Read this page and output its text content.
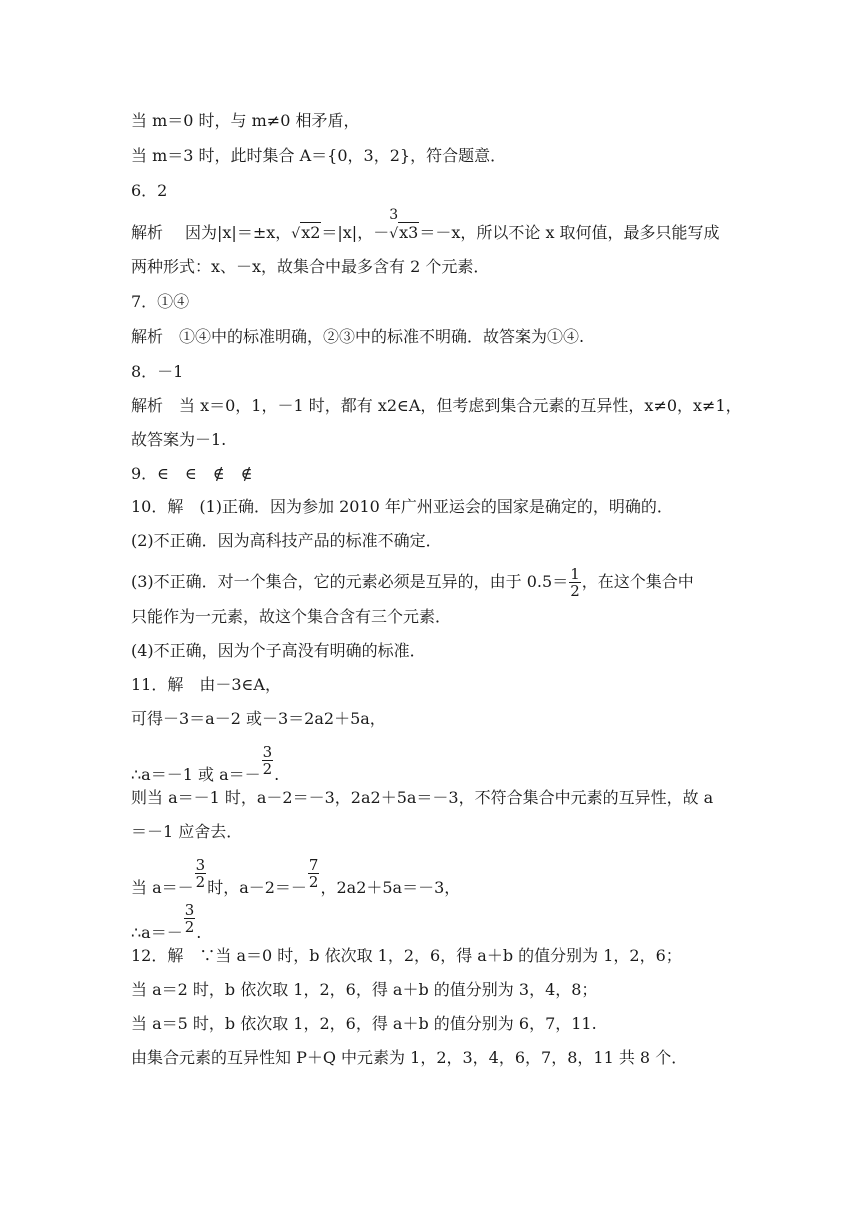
当 m＝0 时，与 m≠0 相矛盾，
当 m＝3 时，此时集合 A＝{0，3，2}，符合题意．
6．2
解析 因为|x|＝±x，√x2＝|x|，－
3
√x3＝－x，所以不论 x 取何值，最多只能写成
两种形式：x、－x，故集合中最多含有 2 个元素．
7．①④
解析　①④中的标准明确，②③中的标准不明确．故答案为①④.
8．－1
解析　当 x＝0，1，－1 时，都有 x2∈A，但考虑到集合元素的互异性，x≠0，x≠1，
故答案为－1.
9．∈　∈　∉　∉
10．解　(1)正确．因为参加 2010 年广州亚运会的国家是确定的，明确的．
(2)不正确．因为高科技产品的标准不确定．
(3)不正确．对一个集合，它的元素必须是互异的，由于 $0.5= \frac{1}{2}$ ，在这个集合中
只能作为一元素，故这个集合含有三个元素．
(4)不正确，因为个子高没有明确的标准．
11．解　由－3∈A，
可得－3＝a－2 或－3＝2a2＋5a，
∴a＝－1 或 $a=- \frac{3}{2}$ .
则当 a＝－1 时，a－2＝－3，2a2＋5a＝－3，不符合集合中元素的互异性，故 a
＝－1 应舍去．
当 $a=- \frac{3}{2}$ 时，$a-2=- \frac{7}{2}$ ，2a2＋5a＝－3，
∴a＝－ $\frac{3}{2}$ .
12．解　∵当 a＝0 时，b 依次取 1，2，6，得 a＋b 的值分别为 1，2，6；
当 a＝2 时，b 依次取 1，2，6，得 a＋b 的值分别为 3，4，8；
当 a＝5 时，b 依次取 1，2，6，得 a＋b 的值分别为 6，7，11.
由集合元素的互异性知 P＋Q 中元素为 1，2，3，4，6，7，8，11 共 8 个．
